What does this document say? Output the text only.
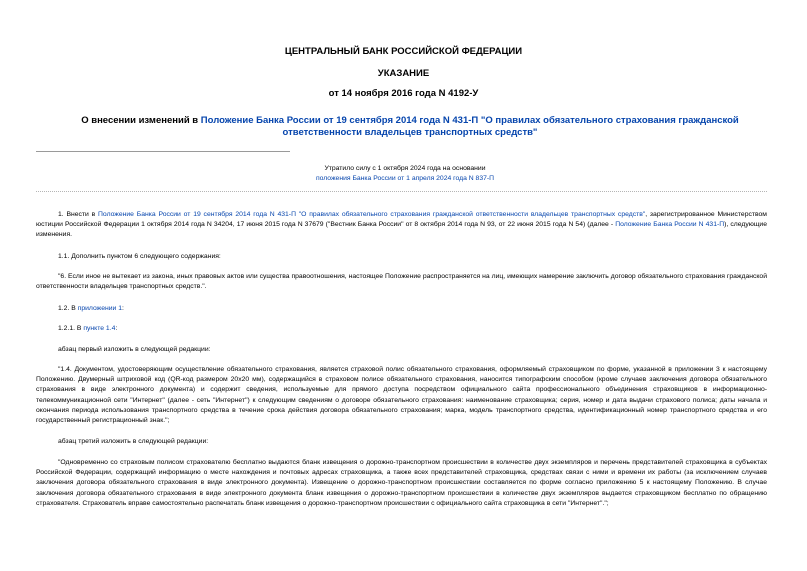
ЦЕНТРАЛЬНЫЙ БАНК РОССИЙСКОЙ ФЕДЕРАЦИИ
УКАЗАНИЕ
от 14 ноября 2016 года N 4192-У
О внесении изменений в Положение Банка России от 19 сентября 2014 года N 431-П "О правилах обязательного страхования гражданской ответственности владельцев транспортных средств"
Утратило силу с 1 октября 2024 года на основании
положения Банка России от 1 апреля 2024 года N 837-П
1. Внести в Положение Банка России от 19 сентября 2014 года N 431-П "О правилах обязательного страхования гражданской ответственности владельцев транспортных средств", зарегистрированное Министерством юстиции Российской Федерации 1 октября 2014 года N 34204, 17 июня 2015 года N 37679 ("Вестник Банка России" от 8 октября 2014 года N 93, от 22 июня 2015 года N 54) (далее - Положение Банка России N 431-П), следующие изменения.
1.1. Дополнить пунктом 6 следующего содержания:
"6. Если иное не вытекает из закона, иных правовых актов или существа правоотношения, настоящее Положение распространяется на лиц, имеющих намерение заключить договор обязательного страхования гражданской ответственности владельцев транспортных средств.".
1.2. В приложении 1:
1.2.1. В пункте 1.4:
абзац первый изложить в следующей редакции:
"1.4. Документом, удостоверяющим осуществление обязательного страхования, является страховой полис обязательного страхования, оформляемый страховщиком по форме, указанной в приложении 3 к настоящему Положению. Двумерный штриховой код (QR-код размером 20x20 мм), содержащийся в страховом полисе обязательного страхования, наносится типографским способом (кроме случаев заключения договора обязательного страхования в виде электронного документа) и содержит сведения, используемые для прямого доступа посредством официального сайта профессионального объединения страховщиков в информационно-телекоммуникационной сети "Интернет" (далее - сеть "Интернет") к следующим сведениям о договоре обязательного страхования: наименование страховщика; серия, номер и дата выдачи страхового полиса; даты начала и окончания периода использования транспортного средства в течение срока действия договора обязательного страхования; марка, модель транспортного средства, идентификационный номер транспортного средства и его государственный регистрационный знак.";
абзац третий изложить в следующей редакции:
"Одновременно со страховым полисом страхователю бесплатно выдаются бланк извещения о дорожно-транспортном происшествии в количестве двух экземпляров и перечень представителей страховщика в субъектах Российской Федерации, содержащий информацию о месте нахождения и почтовых адресах страховщика, а также всех представителей страховщика, средствах связи с ними и времени их работы (за исключением случаев заключения договора обязательного страхования в виде электронного документа). Извещение о дорожно-транспортном происшествии составляется по форме согласно приложению 5 к настоящему Положению. В случае заключения договора обязательного страхования в виде электронного документа бланк извещения о дорожно-транспортном происшествии в количестве двух экземпляров выдается страховщиком бесплатно по обращению страхователя. Страхователь вправе самостоятельно распечатать бланк извещения о дорожно-транспортном происшествии с официального сайта страховщика в сети "Интернет".";
